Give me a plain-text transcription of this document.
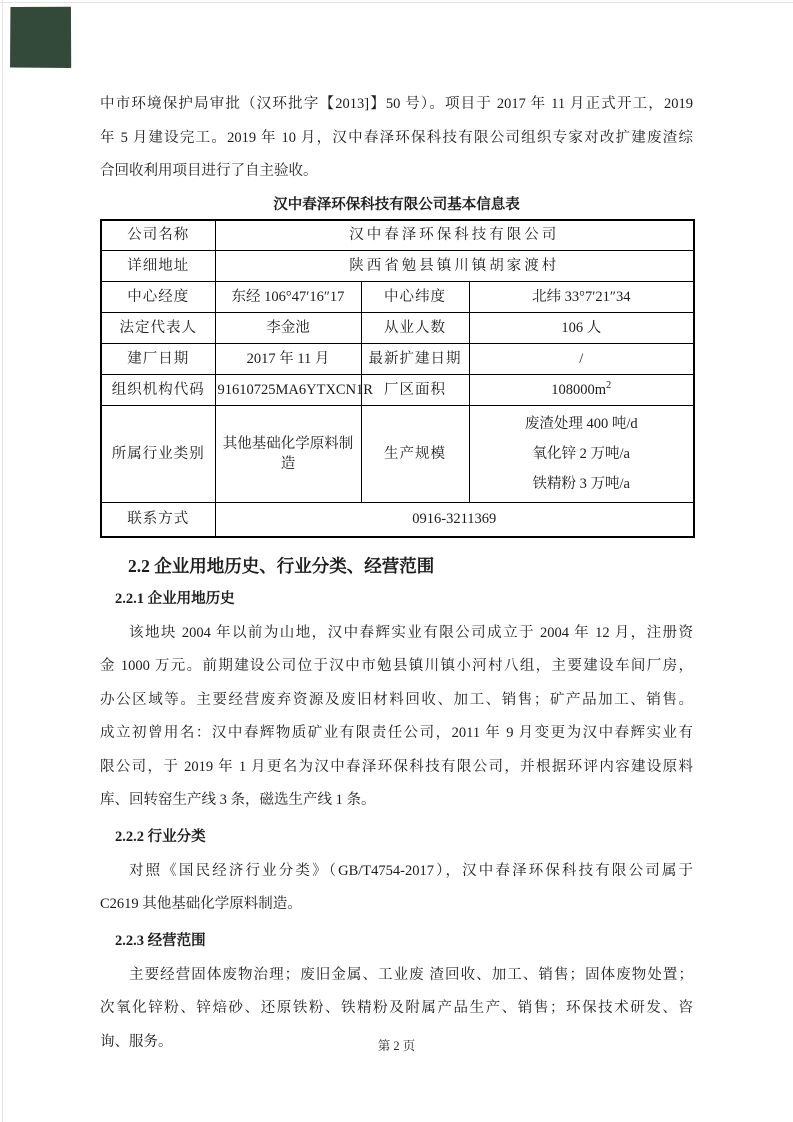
中市环境保护局审批（汉环批字【2013]】50 号）。项目于 2017 年 11 月正式开工，2019
年 5 月建设完工。2019 年 10 月，汉中春泽环保科技有限公司组织专家对改扩建废渣综
合回收利用项目进行了自主验收。
汉中春泽环保科技有限公司基本信息表
公司名称	汉中春泽环保科技有限公司		
详细地址	陕西省勉县镇川镇胡家渡村		
中心经度	东经 106°47′16″17	中心纬度	北纬 33°7′21″34
法定代表人	李金池	从业人数	106 人
建厂日期	2017 年 11 月	最新扩建日期	/
组织机构代码	91610725MA6YTXCN1R	厂区面积	$108000m^2$
所属行业类别	其他基础化学原料制造	生产规模	废渣处理 400 吨/d
氧化锌 2 万吨/a
铁精粉 3 万吨/a

联系方式	0916-3211369		
2.2 企业用地历史、行业分类、经营范围
2.2.1 企业用地历史
该地块 2004 年以前为山地，汉中春辉实业有限公司成立于 2004 年 12 月，注册资
金 1000 万元。前期建设公司位于汉中市勉县镇川镇小河村八组，主要建设车间厂房，
办公区域等。主要经营废弃资源及废旧材料回收、加工、销售；矿产品加工、销售。
成立初曾用名：汉中春辉物质矿业有限责任公司，2011 年 9 月变更为汉中春辉实业有
限公司，于 2019 年 1 月更名为汉中春泽环保科技有限公司，并根据环评内容建设原料
库、回转窑生产线 3 条，磁选生产线 1 条。
2.2.2 行业分类
对照《国民经济行业分类》（GB/T4754-2017），汉中春泽环保科技有限公司属于
C2619 其他基础化学原料制造。
2.2.3 经营范围
主要经营固体废物治理；废旧金属、工业废 渣回收、加工、销售；固体废物处置；
次氧化锌粉、锌焙砂、还原铁粉、铁精粉及附属产品生产、销售；环保技术研发、咨
询、服务。	第 2 页
